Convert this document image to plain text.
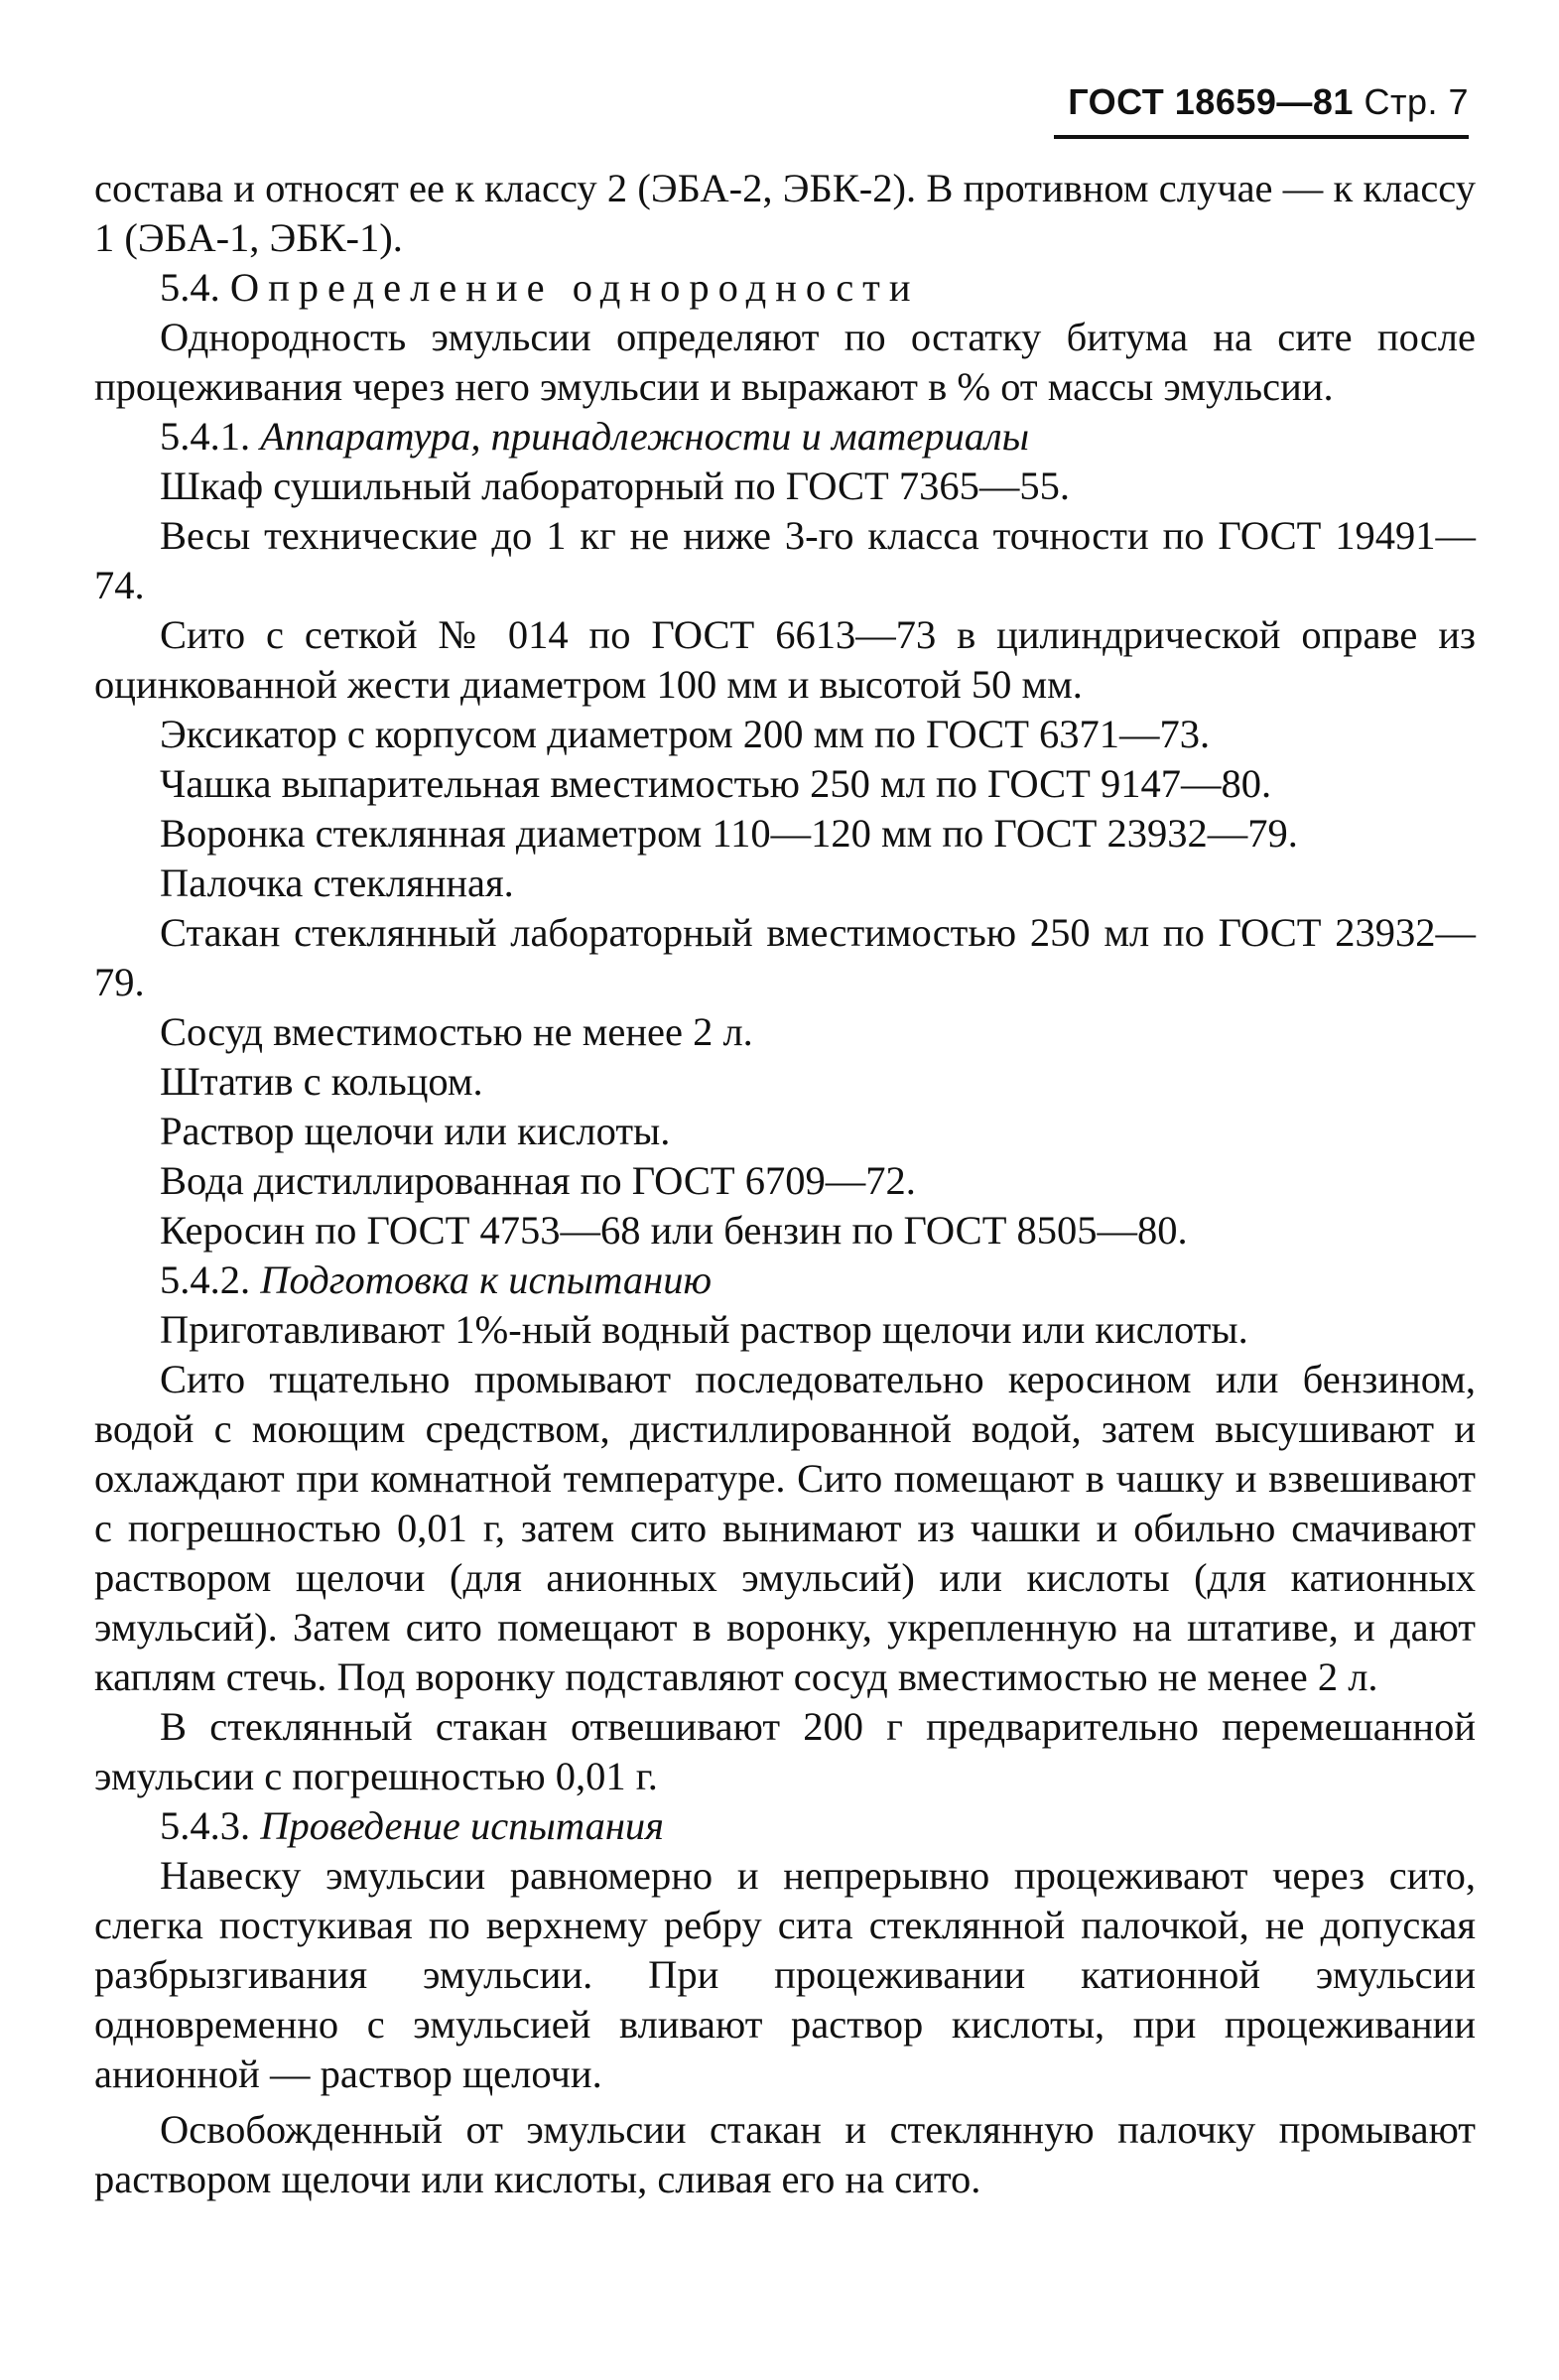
ГОСТ 18659—81 Стр. 7

состава и относят ее к классу 2 (ЭБА-2, ЭБК-2). В противном случае — к классу 1 (ЭБА-1, ЭБК-1).

5.4. Определение однородности

Однородность эмульсии определяют по остатку битума на сите после процеживания через него эмульсии и выражают в % от массы эмульсии.

5.4.1. Аппаратура, принадлежности и материалы

Шкаф сушильный лабораторный по ГОСТ 7365—55.

Весы технические до 1 кг не ниже 3-го класса точности по ГОСТ 19491—74.

Сито с сеткой № 014 по ГОСТ 6613—73 в цилиндрической оправе из оцинкованной жести диаметром 100 мм и высотой 50 мм.

Эксикатор с корпусом диаметром 200 мм по ГОСТ 6371—73.

Чашка выпарительная вместимостью 250 мл по ГОСТ 9147—80.

Воронка стеклянная диаметром 110—120 мм по ГОСТ 23932—79.

Палочка стеклянная.

Стакан стеклянный лабораторный вместимостью 250 мл по ГОСТ 23932—79.

Сосуд вместимостью не менее 2 л.

Штатив с кольцом.

Раствор щелочи или кислоты.

Вода дистиллированная по ГОСТ 6709—72.

Керосин по ГОСТ 4753—68 или бензин по ГОСТ 8505—80.

5.4.2. Подготовка к испытанию

Приготавливают 1%-ный водный раствор щелочи или кислоты.

Сито тщательно промывают последовательно керосином или бензином, водой с моющим средством, дистиллированной водой, затем высушивают и охлаждают при комнатной температуре. Сито помещают в чашку и взвешивают с погрешностью 0,01 г, затем сито вынимают из чашки и обильно смачивают раствором щелочи (для анионных эмульсий) или кислоты (для катионных эмульсий). Затем сито помещают в воронку, укрепленную на штативе, и дают каплям стечь. Под воронку подставляют сосуд вместимостью не менее 2 л.

В стеклянный стакан отвешивают 200 г предварительно перемешанной эмульсии с погрешностью 0,01 г.

5.4.3. Проведение испытания

Навеску эмульсии равномерно и непрерывно процеживают через сито, слегка постукивая по верхнему ребру сита стеклянной палочкой, не допуская разбрызгивания эмульсии. При процеживании катионной эмульсии одновременно с эмульсией вливают раствор кислоты, при процеживании анионной — раствор щелочи.

Освобожденный от эмульсии стакан и стеклянную палочку промывают раствором щелочи или кислоты, сливая его на сито.
